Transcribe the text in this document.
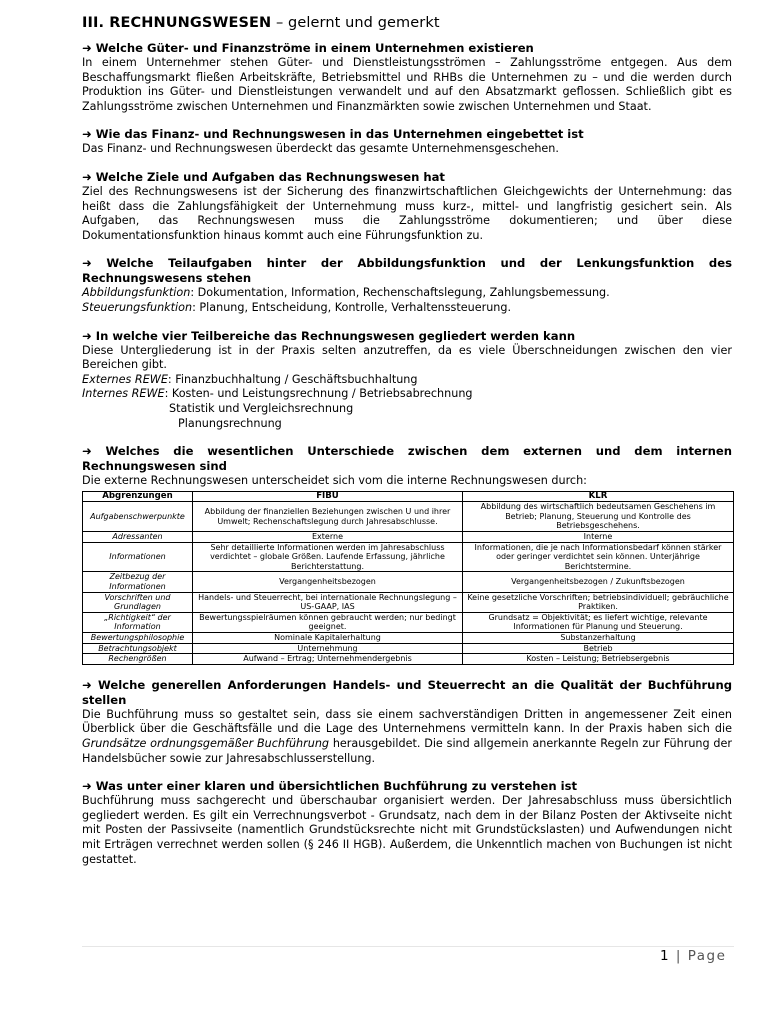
III. RECHNUNGSWESEN – gelernt und gemerkt

➜ Welche Güter- und Finanzströme in einem Unternehmen existieren

In einem Unternehmer stehen Güter- und Dienstleistungsströmen – Zahlungsströme entgegen. Aus dem Beschaffungsmarkt fließen Arbeitskräfte, Betriebsmittel und RHBs die Unternehmen zu – und die werden durch Produktion ins Güter- und Dienstleistungen verwandelt und auf den Absatzmarkt geflossen. Schließlich gibt es Zahlungsströme zwischen Unternehmen und Finanzmärkten sowie zwischen Unternehmen und Staat.

➜ Wie das Finanz- und Rechnungswesen in das Unternehmen eingebettet ist

Das Finanz- und Rechnungswesen überdeckt das gesamte Unternehmensgeschehen.

➜ Welche Ziele und Aufgaben das Rechnungswesen hat

Ziel des Rechnungswesens ist der Sicherung des finanzwirtschaftlichen Gleichgewichts der Unternehmung: das heißt dass die Zahlungsfähigkeit der Unternehmung muss kurz-, mittel- und langfristig gesichert sein. Als Aufgaben, das Rechnungswesen muss die Zahlungsströme dokumentieren; und über diese Dokumentationsfunktion hinaus kommt auch eine Führungsfunktion zu.

➜ Welche Teilaufgaben hinter der Abbildungsfunktion und der Lenkungsfunktion des Rechnungswesens stehen

Abbildungsfunktion: Dokumentation, Information, Rechenschaftslegung, Zahlungsbemessung.

Steuerungsfunktion: Planung, Entscheidung, Kontrolle, Verhaltenssteuerung.

➜ In welche vier Teilbereiche das Rechnungswesen gegliedert werden kann

Diese Untergliederung ist in der Praxis selten anzutreffen, da es viele Überschneidungen zwischen den vier Bereichen gibt.

Externes REWE: Finanzbuchhaltung / Geschäftsbuchhaltung

Internes REWE: Kosten- und Leistungsrechnung / Betriebsabrechnung

Statistik und Vergleichsrechnung

Planungsrechnung

➜ Welches die wesentlichen Unterschiede zwischen dem externen und dem internen Rechnungswesen sind

Die externe Rechnungswesen unterscheidet sich vom die interne Rechnungswesen durch:

Abgrenzungen	FIBU	KLR
Aufgabenschwerpunkte	Abbildung der finanziellen Beziehungen zwischen U und ihrer Umwelt; Rechenschaftslegung durch Jahresabschlusse.	Abbildung des wirtschaftlich bedeutsamen Geschehens im Betrieb; Planung, Steuerung und Kontrolle des Betriebsgeschehens.
Adressanten	Externe	Interne
Informationen	Sehr detaillierte Informationen werden im Jahresabschluss verdichtet – globale Größen. Laufende Erfassung, jährliche Berichterstattung.	Informationen, die je nach Informationsbedarf können stärker oder geringer verdichtet sein können. Unterjährige Berichtstermine.
Zeitbezug der Informationen	Vergangenheitsbezogen	Vergangenheitsbezogen / Zukunftsbezogen
Vorschriften und Grundlagen	Handels- und Steuerrecht, bei internationale Rechnungslegung – US-GAAP, IAS	Keine gesetzliche Vorschriften; betriebsindividuell; gebräuchliche Praktiken.
„Richtigkeit“ der Information	Bewertungsspielräumen können gebraucht werden; nur bedingt geeignet.	Grundsatz = Objektivität; es liefert wichtige, relevante Informationen für Planung und Steuerung.
Bewertungsphilosophie	Nominale Kapitalerhaltung	Substanzerhaltung
Betrachtungsobjekt	Unternehmung	Betrieb
Rechengrößen	Aufwand – Ertrag; Unternehmendergebnis	Kosten – Leistung; Betriebsergebnis

➜ Welche generellen Anforderungen Handels- und Steuerrecht an die Qualität der Buchführung stellen

Die Buchführung muss so gestaltet sein, dass sie einem sachverständigen Dritten in angemessener Zeit einen Überblick über die Geschäftsfälle und die Lage des Unternehmens vermitteln kann. In der Praxis haben sich die Grundsätze ordnungsgemäßer Buchführung herausgebildet. Die sind allgemein anerkannte Regeln zur Führung der Handelsbücher sowie zur Jahresabschlusserstellung.

➜ Was unter einer klaren und übersichtlichen Buchführung zu verstehen ist

Buchführung muss sachgerecht und überschaubar organisiert werden. Der Jahresabschluss muss übersichtlich gegliedert werden. Es gilt ein Verrechnungsverbot - Grundsatz, nach dem in der Bilanz Posten der Aktivseite nicht mit Posten der Passivseite (namentlich Grundstücksrechte nicht mit Grundstückslasten) und Aufwendungen nicht mit Erträgen verrechnet werden sollen (§ 246 II HGB). Außerdem, die Unkenntlich machen von Buchungen ist nicht gestattet.

1 | Page
